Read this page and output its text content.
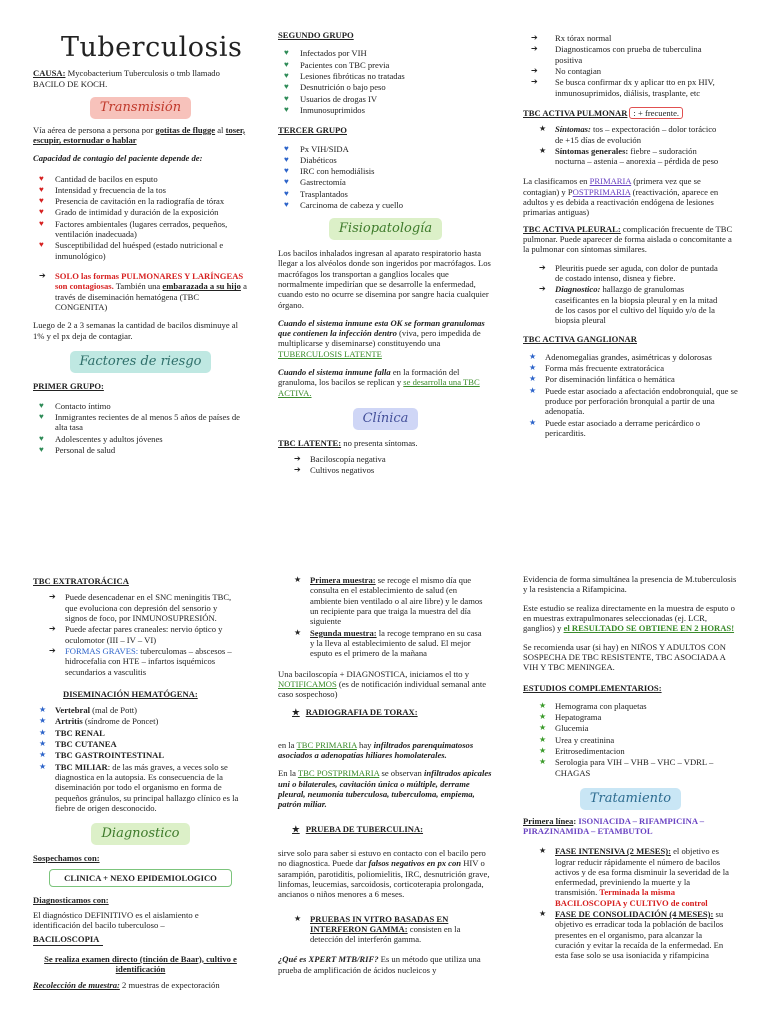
Tuberculosis

CAUSA: Mycobacterium Tuberculosis o tmb llamado BACILO DE KOCH.

Transmisión

Vía aérea de persona a persona por gotitas de flugge al toser, escupir, estornudar o hablar

Capacidad de contagio del paciente depende de:

♥ Cantidad de bacilos en esputo
♥ Intensidad y frecuencia de la tos
♥ Presencia de cavitación en la radiografía de tórax
♥ Grado de intimidad y duración de la exposición
♥ Factores ambientales (lugares cerrados, pequeños, ventilación inadecuada)
♥ Susceptibilidad del huésped (estado nutricional e inmunológico)
➔ SOLO las formas PULMONARES Y LARÍNGEAS son contagiosas. También una embarazada a su hijo a través de diseminación hematógena (TBC CONGENITA)

Luego de 2 a 3 semanas la cantidad de bacilos disminuye al 1% y el px deja de contagiar.

Factores de riesgo
PRIMER GRUPO:
♥ Contacto íntimo
♥ Inmigrantes recientes de al menos 5 años de países de alta tasa
♥ Adolescentes y adultos jóvenes
♥ Personal de salud
SEGUNDO GRUPO
♥ Infectados por VIH
♥ Pacientes con TBC previa
♥ Lesiones fibróticas no tratadas
♥ Desnutrición o bajo peso
♥ Usuarios de drogas IV
♥ Inmunosuprimidos
TERCER GRUPO
♥ Px VIH/SIDA
♥ Diabéticos
♥ IRC con hemodiálisis
♥ Gastrectomía
♥ Trasplantados
♥ Carcinoma de cabeza y cuello
Fisiopatología

Los bacilos inhalados ingresan al aparato respiratorio hasta llegar a los alvéolos donde son ingeridos por macrófagos. Los macrófagos los transportan a ganglios locales que normalmente impedirían que se desarrolle la enfermedad, cuando esto no ocurre se disemina por sangre hacia cualquier órgano.

Cuando el sistema inmune esta OK se forman granulomas que contienen la infección dentro (viva, pero impedida de multiplicarse y diseminarse) constituyendo una TUBERCULOSIS LATENTE

Cuando el sistema inmune falla en la formación del granuloma, los bacilos se replican y se desarrolla una TBC ACTIVA.

Clínica

TBC LATENTE: no presenta síntomas.

➔ Baciloscopía negativa
➔ Cultivos negativos
➔ Rx tórax normal
➔ Diagnosticamos con prueba de tuberculina positiva
➔ No contagian
➔ Se busca confirmar dx y aplicar tto en px HIV, inmunosuprimidos, diálisis, trasplante, etc

TBC ACTIVA PULMONAR : + frecuente.

★ Síntomas: tos – expectoración – dolor torácico de +15 días de evolución
★ Síntomas generales: fiebre – sudoración nocturna – astenia – anorexia – pérdida de peso

La clasificamos en PRIMARIA (primera vez que se contagian) y POSTPRIMARIA (reactivación, aparece en adultos y es debida a reactivación endógena de lesiones primarias antiguas)

TBC ACTIVA PLEURAL: complicación frecuente de TBC pulmonar. Puede aparecer de forma aislada o concomitante a la pulmonar con síntomas similares.

➔ Pleuritis puede ser aguda, con dolor de puntada de costado intenso, disnea y fiebre.
➔ Diagnostico: hallazgo de granulomas caseificantes en la biopsia pleural y en la mitad de los casos por el cultivo del líquido y/o de la biopsia pleural
TBC ACTIVA GANGLIONAR
★ Adenomegalias grandes, asimétricas y dolorosas
★ Forma más frecuente extratorácica
★ Por diseminación linfática o hemática
★ Puede estar asociado a afectación endobronquial, que se produce por perforación bronquial a partir de una adenopatía.
★ Puede estar asociado a derrame pericárdico o pericarditis.
TBC EXTRATORÁCICA
➔ Puede desencadenar en el SNC meningitis TBC, que evoluciona con depresión del sensorio y signos de foco, por INMUNOSUPRESIÓN.
➔ Puede afectar pares craneales: nervio óptico y oculomotor (III – IV – VI)
➔ FORMAS GRAVES: tuberculomas – abscesos – hidrocefalia con HTE – infartos isquémicos secundarios a vasculitis
DISEMINACIÓN HEMATÓGENA:
★ Vertebral (mal de Pott)
★ Artritis (síndrome de Poncet)
★ TBC RENAL
★ TBC CUTANEA
★ TBC GASTROINTESTINAL
★ TBC MILIAR: de las más graves, a veces solo se diagnostica en la autopsia. Es consecuencia de la diseminación por todo el organismo en forma de pequeños gránulos, su principal hallazgo clínico es la fiebre de origen desconocido.
Diagnostico

Sospechamos con:

CLINICA + NEXO EPIDEMIOLOGICO

Diagnosticamos con:

El diagnóstico DEFINITIVO es el aislamiento e identificación del bacilo tuberculoso –

BACILOSCOPIA

Se realiza examen directo (tinción de Baar), cultivo e identificación

Recolección de muestra: 2 muestras de expectoración

★ Primera muestra: se recoge el mismo día que consulta en el establecimiento de salud (en ambiente bien ventilado o al aire libre) y le damos un recipiente para que traiga la muestra del día siguiente
★ Segunda muestra: la recoge temprano en su casa y la lleva al establecimiento de salud. El mejor esputo es el primero de la mañana

Una baciloscopía + DIAGNOSTICA, iniciamos el tto y NOTIFICAMOS (es de notificación individual semanal ante caso sospechoso)

★ RADIOGRAFIA DE TORAX:

en la TBC PRIMARIA hay infiltrados parenquimatosos asociados a adenopatías hiliares homolaterales.

En la TBC POSTPRIMARIA se observan infiltrados apicales uni o bilaterales, cavitación única o múltiple, derrame pleural, neumonía tuberculosa, tuberculoma, empiema, patrón miliar.

★ PRUEBA DE TUBERCULINA:

sirve solo para saber si estuvo en contacto con el bacilo pero no diagnostica. Puede dar falsos negativos en px con HIV o sarampión, parotiditis, poliomielitis, IRC, desnutrición grave, linfomas, leucemias, sarcoidosis, corticoterapia prolongada, ancianos o niños menores a 6 meses.

★ PRUEBAS IN VITRO BASADAS EN INTERFERON GAMMA: consisten en la detección del interferón gamma.

¿Qué es XPERT MTB/RIF? Es un método que utiliza una prueba de amplificación de ácidos nucleicos y

Evidencia de forma simultánea la presencia de M.tuberculosis y la resistencia a Rifampicina.

Este estudio se realiza directamente en la muestra de esputo o en muestras extrapulmonares seleccionadas (ej. LCR, ganglios) y el RESULTADO SE OBTIENE EN 2 HORAS!

Se recomienda usar (si hay) en NIÑOS Y ADULTOS CON SOSPECHA DE TBC RESISTENTE, TBC ASOCIADA A VIH Y TBC MENINGEA.

ESTUDIOS COMPLEMENTARIOS:
★ Hemograma con plaquetas
★ Hepatograma
★ Glucemia
★ Urea y creatinina
★ Eritrosedimentacion
★ Serologia para VIH – VHB – VHC – VDRL – CHAGAS
Tratamiento

Primera línea: ISONIACIDA – RIFAMPICINA – PIRAZINAMIDA – ETAMBUTOL

★ FASE INTENSIVA (2 MESES): el objetivo es lograr reducir rápidamente el número de bacilos activos y de esa forma disminuir la severidad de la enfermedad, previniendo la muerte y la transmisión. Terminada la misma BACILOSCOPIA y CULTIVO de control
★ FASE DE CONSOLIDACIÓN (4 MESES): su objetivo es erradicar toda la población de bacilos presentes en el organismo, para alcanzar la curación y evitar la recaída de la enfermedad. En esta fase solo se usa isoniacida y rifampicina
